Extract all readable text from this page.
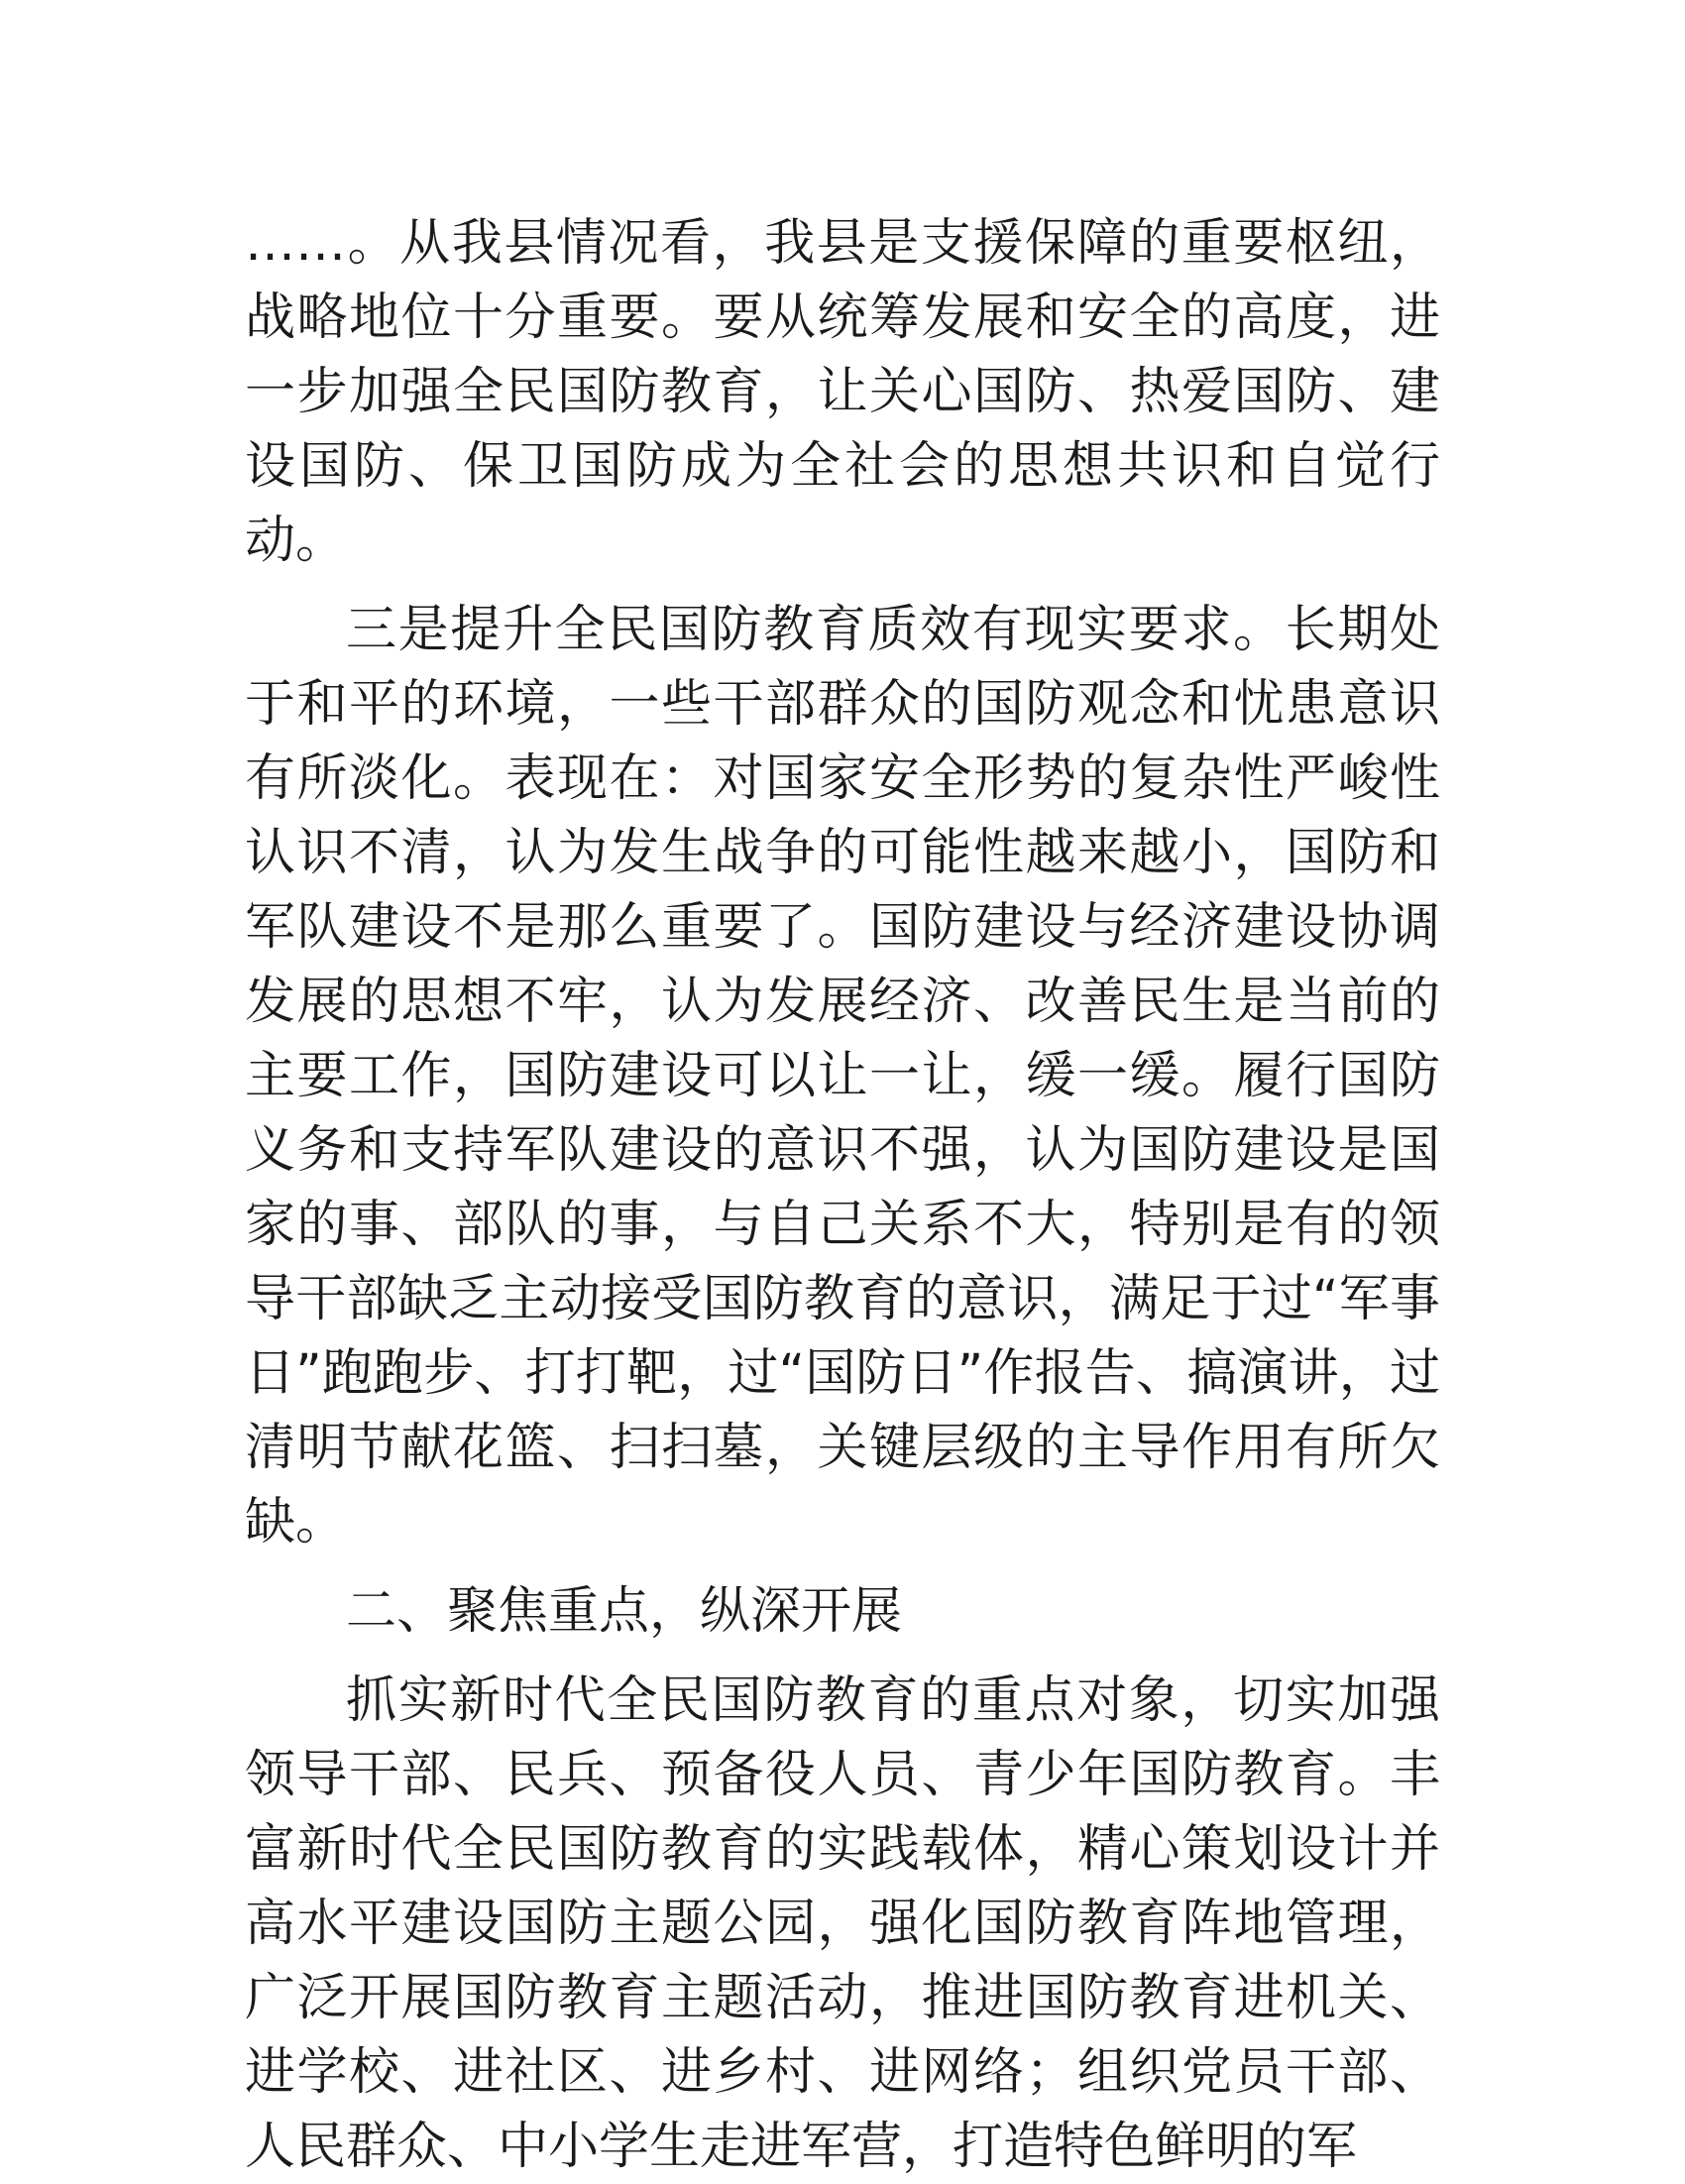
……。从我县情况看，我县是支援保障的重要枢纽，战略地位十分重要。要从统筹发展和安全的高度，进一步加强全民国防教育，让关心国防、热爱国防、建设国防、保卫国防成为全社会的思想共识和自觉行动。

三是提升全民国防教育质效有现实要求。长期处于和平的环境，一些干部群众的国防观念和忧患意识有所淡化。表现在：对国家安全形势的复杂性严峻性认识不清，认为发生战争的可能性越来越小，国防和军队建设不是那么重要了。国防建设与经济建设协调发展的思想不牢，认为发展经济、改善民生是当前的主要工作，国防建设可以让一让，缓一缓。履行国防义务和支持军队建设的意识不强，认为国防建设是国家的事、部队的事，与自己关系不大，特别是有的领导干部缺乏主动接受国防教育的意识，满足于过“军事日”跑跑步、打打靶，过“国防日”作报告、搞演讲，过清明节献花篮、扫扫墓，关键层级的主导作用有所欠缺。

二、聚焦重点，纵深开展

抓实新时代全民国防教育的重点对象，切实加强领导干部、民兵、预备役人员、青少年国防教育。丰富新时代全民国防教育的实践载体，精心策划设计并高水平建设国防主题公园，强化国防教育阵地管理，广泛开展国防教育主题活动，推进国防教育进机关、进学校、进社区、进乡村、进网络；组织党员干部、人民群众、中小学生走进军营，打造特色鲜明的军
